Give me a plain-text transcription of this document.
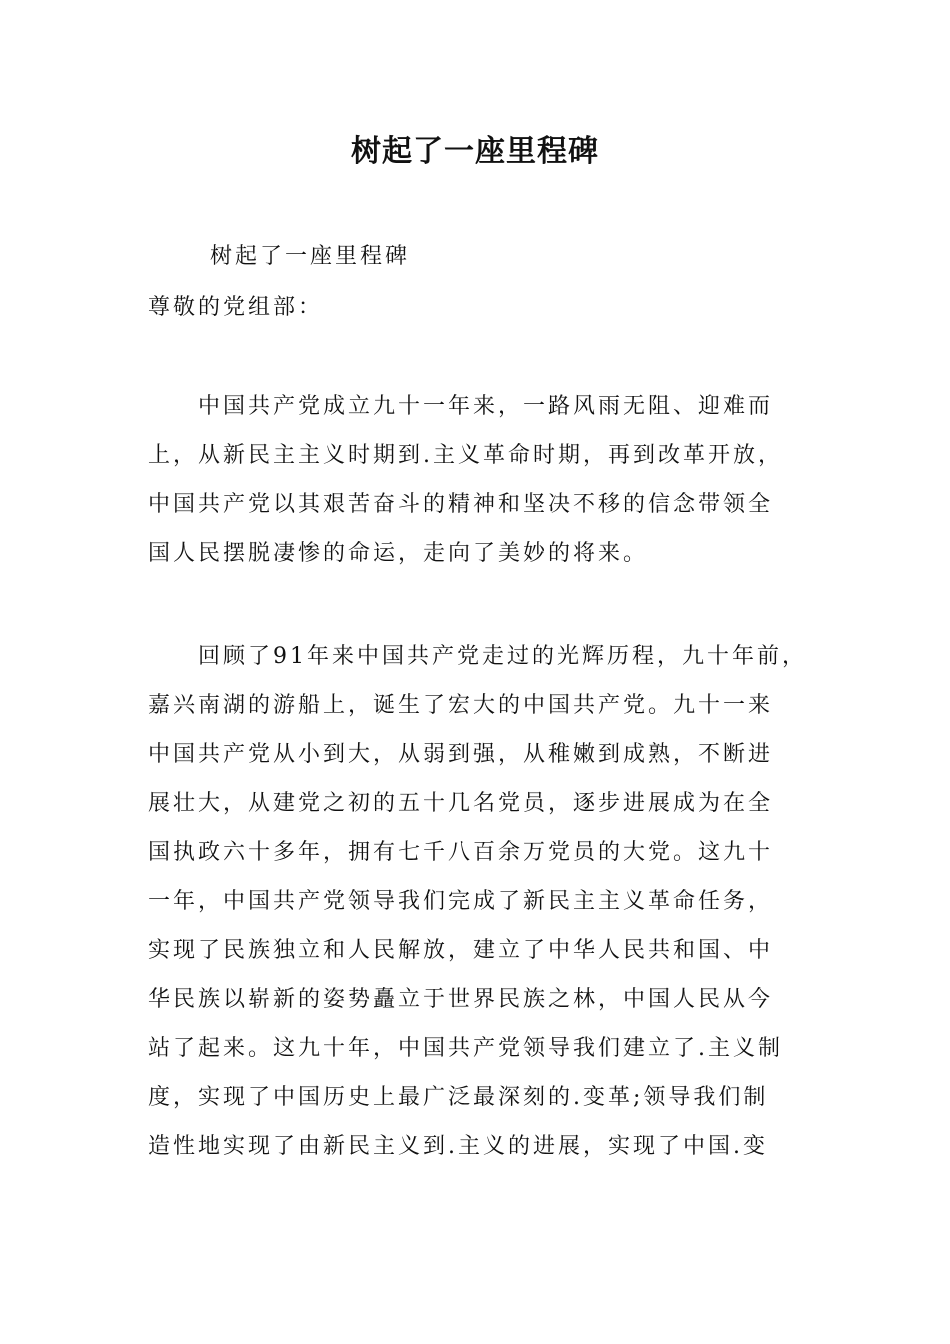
树起了一座里程碑
树起了一座里程碑
尊敬的党组部：
中国共产党成立九十一年来，一路风雨无阻、迎难而
上，从新民主主义时期到.主义革命时期，再到改革开放，
中国共产党以其艰苦奋斗的精神和坚决不移的信念带领全
国人民摆脱凄惨的命运，走向了美妙的将来。
回顾了91年来中国共产党走过的光辉历程，九十年前，
嘉兴南湖的游船上，诞生了宏大的中国共产党。九十一来
中国共产党从小到大，从弱到强，从稚嫩到成熟，不断进
展壮大，从建党之初的五十几名党员，逐步进展成为在全
国执政六十多年，拥有七千八百余万党员的大党。这九十
一年，中国共产党领导我们完成了新民主主义革命任务，
实现了民族独立和人民解放，建立了中华人民共和国、中
华民族以崭新的姿势矗立于世界民族之林，中国人民从今
站了起来。这九十年，中国共产党领导我们建立了.主义制
度，实现了中国历史上最广泛最深刻的.变革;领导我们制
造性地实现了由新民主义到.主义的进展，实现了中国.变
